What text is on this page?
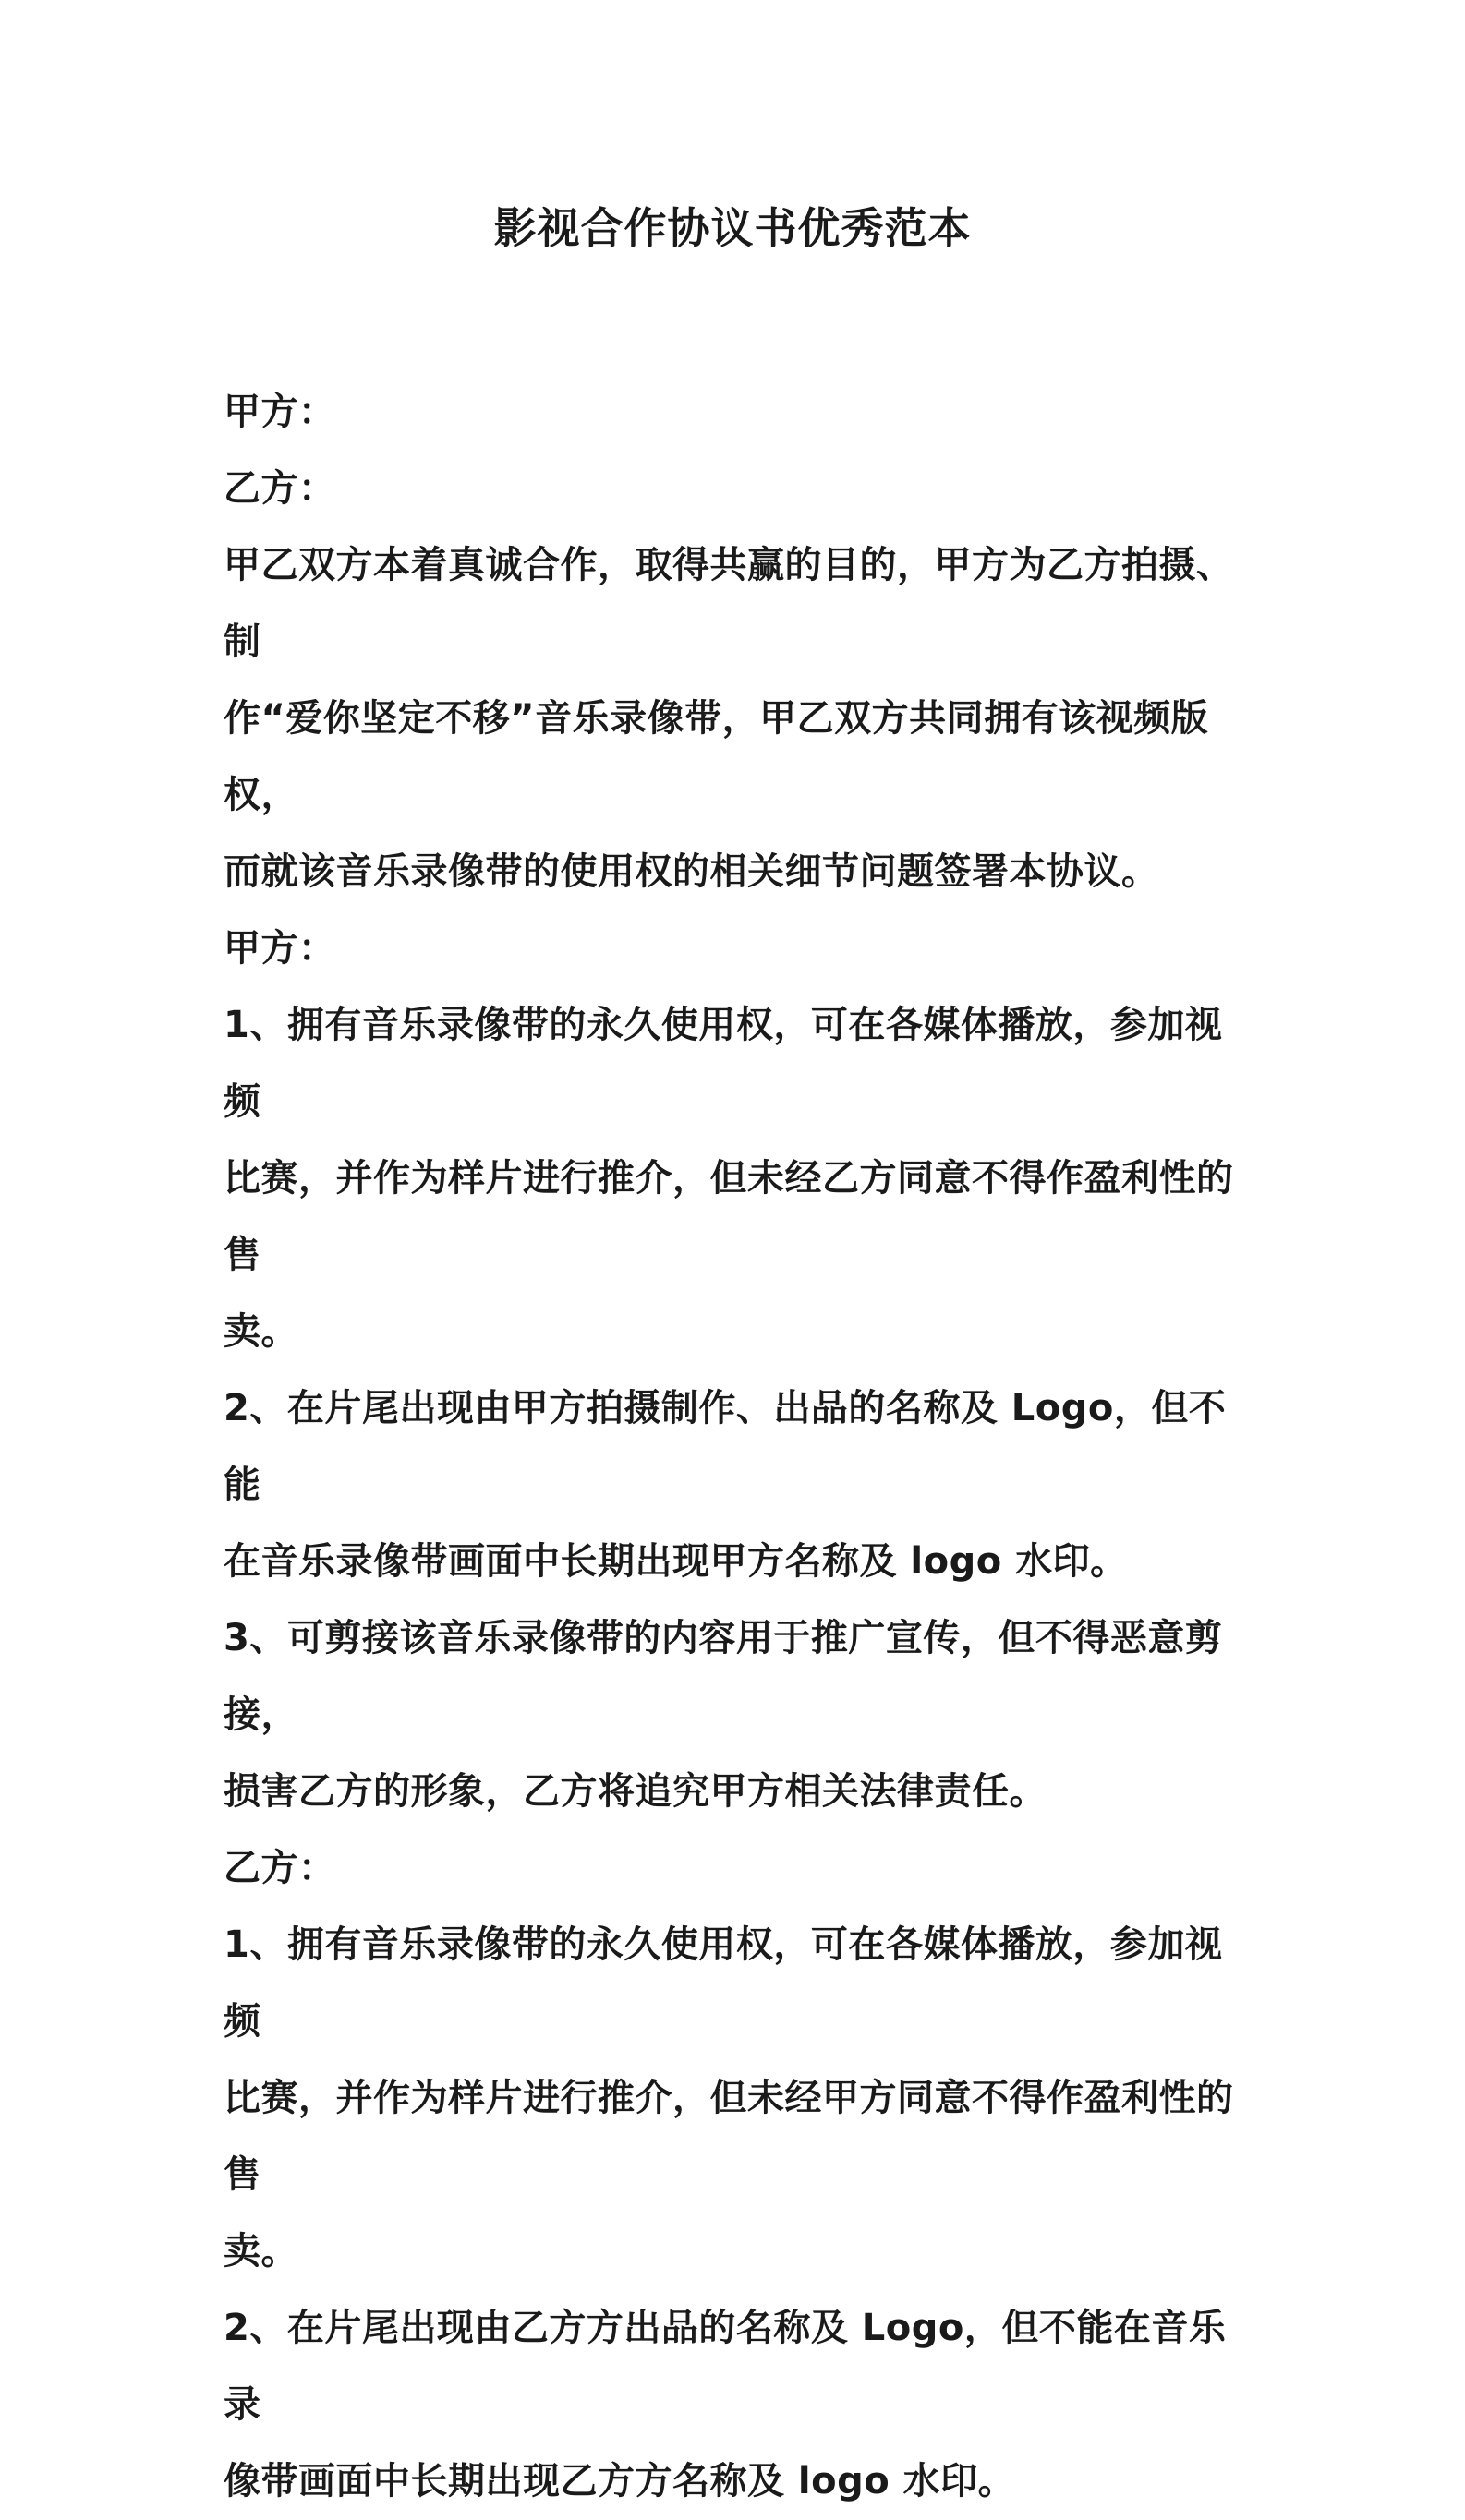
影视合作协议书优秀范本

甲方：

乙方：

甲乙双方本着真诚合作，取得共赢的目的，甲方为乙方拍摄、制
作“爱你坚定不移”音乐录像带，甲乙双方共同拥有该视频版权，
而就该音乐录像带的使用权的相关细节问题签署本协议。

甲方：

1、拥有音乐录像带的永久使用权，可在各媒体播放，参加视频
比赛，并作为样片进行推介，但未经乙方同意不得作盈利性的售
卖。

2、在片尾出现由甲方拍摄制作、出品的名称及 Logo，但不能
在音乐录像带画面中长期出现甲方名称及 logo 水印。

3、可剪接该音乐录像带的内容用于推广宣传，但不得恶意剪接，
损害乙方的形象，乙方将追究甲方相关法律责任。

乙方：

1、拥有音乐录像带的永久使用权，可在各媒体播放，参加视频
比赛，并作为样片进行推介，但未经甲方同意不得作盈利性的售
卖。

2、在片尾出现由乙方方出品的名称及 Logo，但不能在音乐录
像带画面中长期出现乙方方名称及 logo 水印。
